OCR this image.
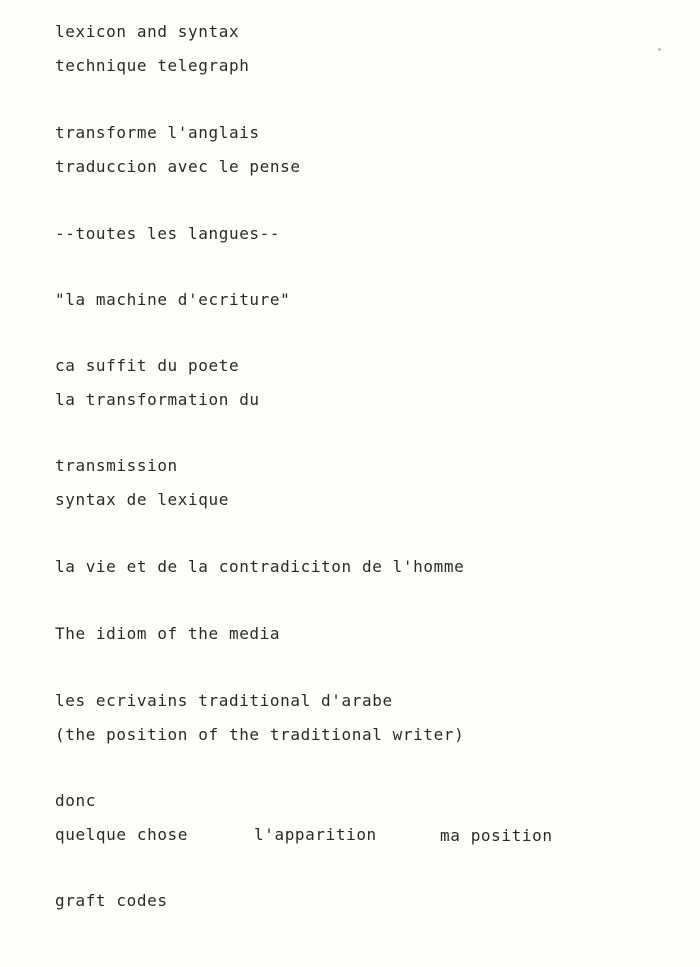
lexicon and syntax
technique telegraph
transforme l'anglais
traduccion avec le pense
--toutes les langues--
"la machine d'ecriture"
ca suffit du poete
la transformation du
transmission
syntax de lexique
la vie et de la contradiciton de l'homme
The idiom of the media
les ecrivains traditional d'arabe
(the position of the traditional writer)
donc
quelque chose	l'apparition	ma position
graft codes
